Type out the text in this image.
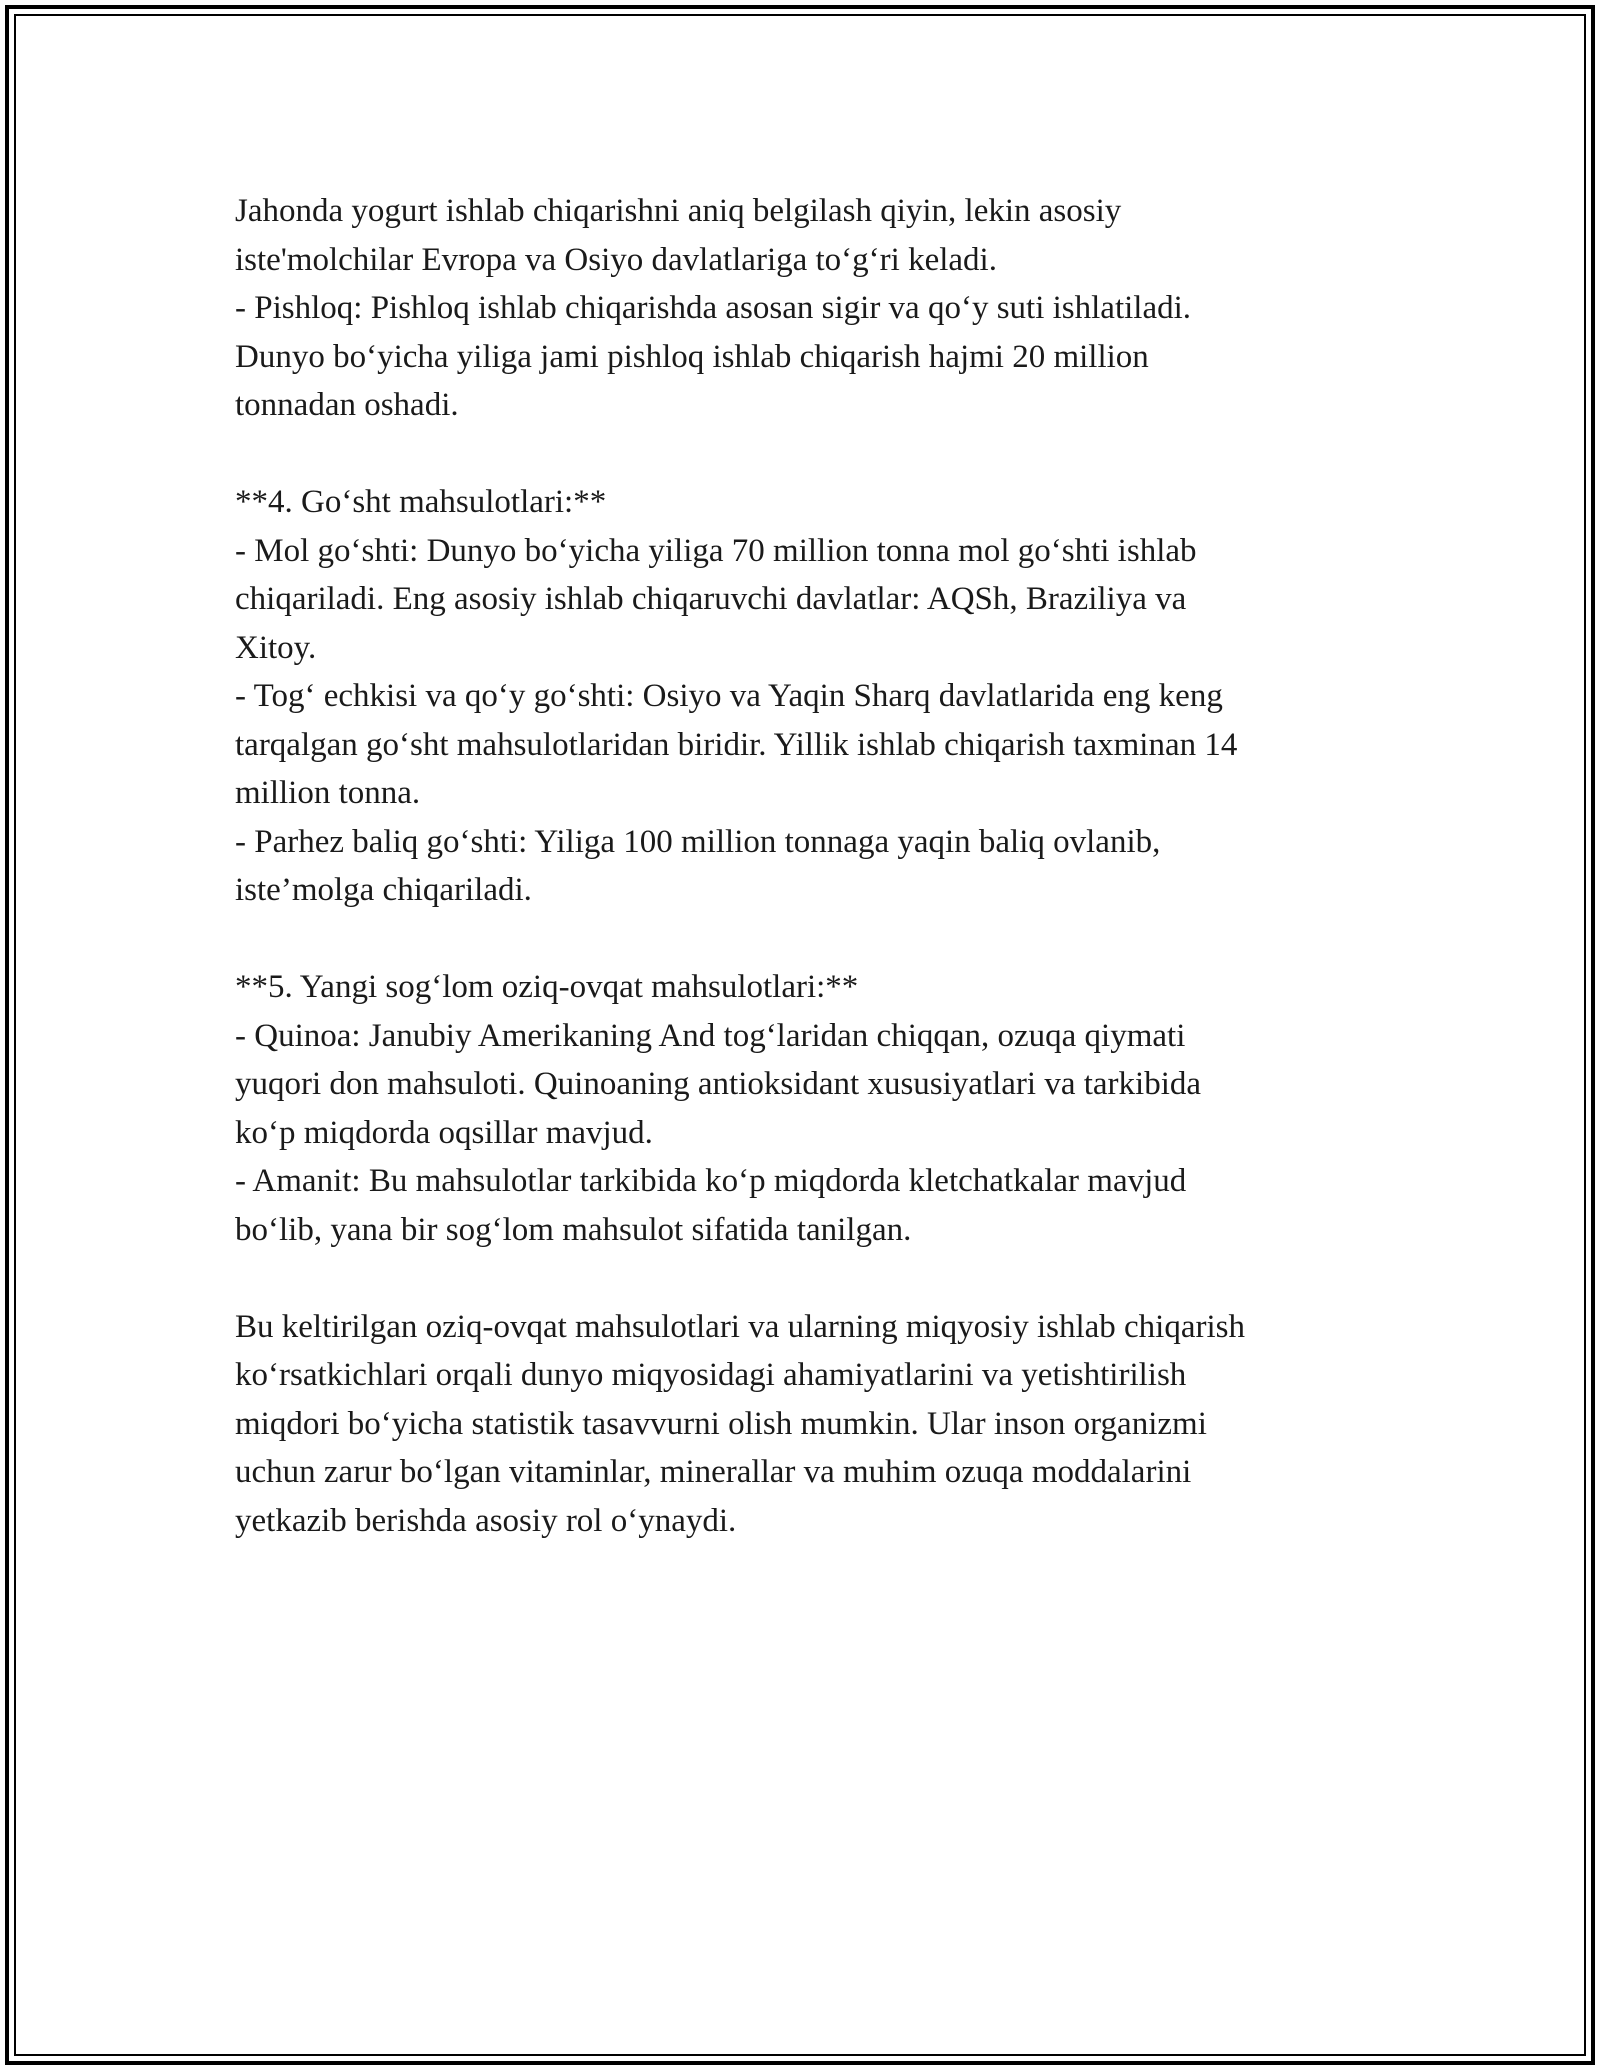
Jahonda yogurt ishlab chiqarishni aniq belgilash qiyin, lekin asosiy
iste'molchilar Evropa va Osiyo davlatlariga to‘g‘ri keladi.
- Pishloq: Pishloq ishlab chiqarishda asosan sigir va qo‘y suti ishlatiladi.
Dunyo bo‘yicha yiliga jami pishloq ishlab chiqarish hajmi 20 million
tonnadan oshadi.
**4. Go‘sht mahsulotlari:**
- Mol go‘shti: Dunyo bo‘yicha yiliga 70 million tonna mol go‘shti ishlab
chiqariladi. Eng asosiy ishlab chiqaruvchi davlatlar: AQSh, Braziliya va
Xitoy.
- Tog‘ echkisi va qo‘y go‘shti: Osiyo va Yaqin Sharq davlatlarida eng keng
tarqalgan go‘sht mahsulotlaridan biridir. Yillik ishlab chiqarish taxminan 14
million tonna.
- Parhez baliq go‘shti: Yiliga 100 million tonnaga yaqin baliq ovlanib,
iste’molga chiqariladi.
**5. Yangi sog‘lom oziq-ovqat mahsulotlari:**
- Quinoa: Janubiy Amerikaning And tog‘laridan chiqqan, ozuqa qiymati
yuqori don mahsuloti. Quinoaning antioksidant xususiyatlari va tarkibida
ko‘p miqdorda oqsillar mavjud.
- Amanit: Bu mahsulotlar tarkibida ko‘p miqdorda kletchatkalar mavjud
bo‘lib, yana bir sog‘lom mahsulot sifatida tanilgan.
Bu keltirilgan oziq-ovqat mahsulotlari va ularning miqyosiy ishlab chiqarish
ko‘rsatkichlari orqali dunyo miqyosidagi ahamiyatlarini va yetishtirilish
miqdori bo‘yicha statistik tasavvurni olish mumkin. Ular inson organizmi
uchun zarur bo‘lgan vitaminlar, minerallar va muhim ozuqa moddalarini
yetkazib berishda asosiy rol o‘ynaydi.
